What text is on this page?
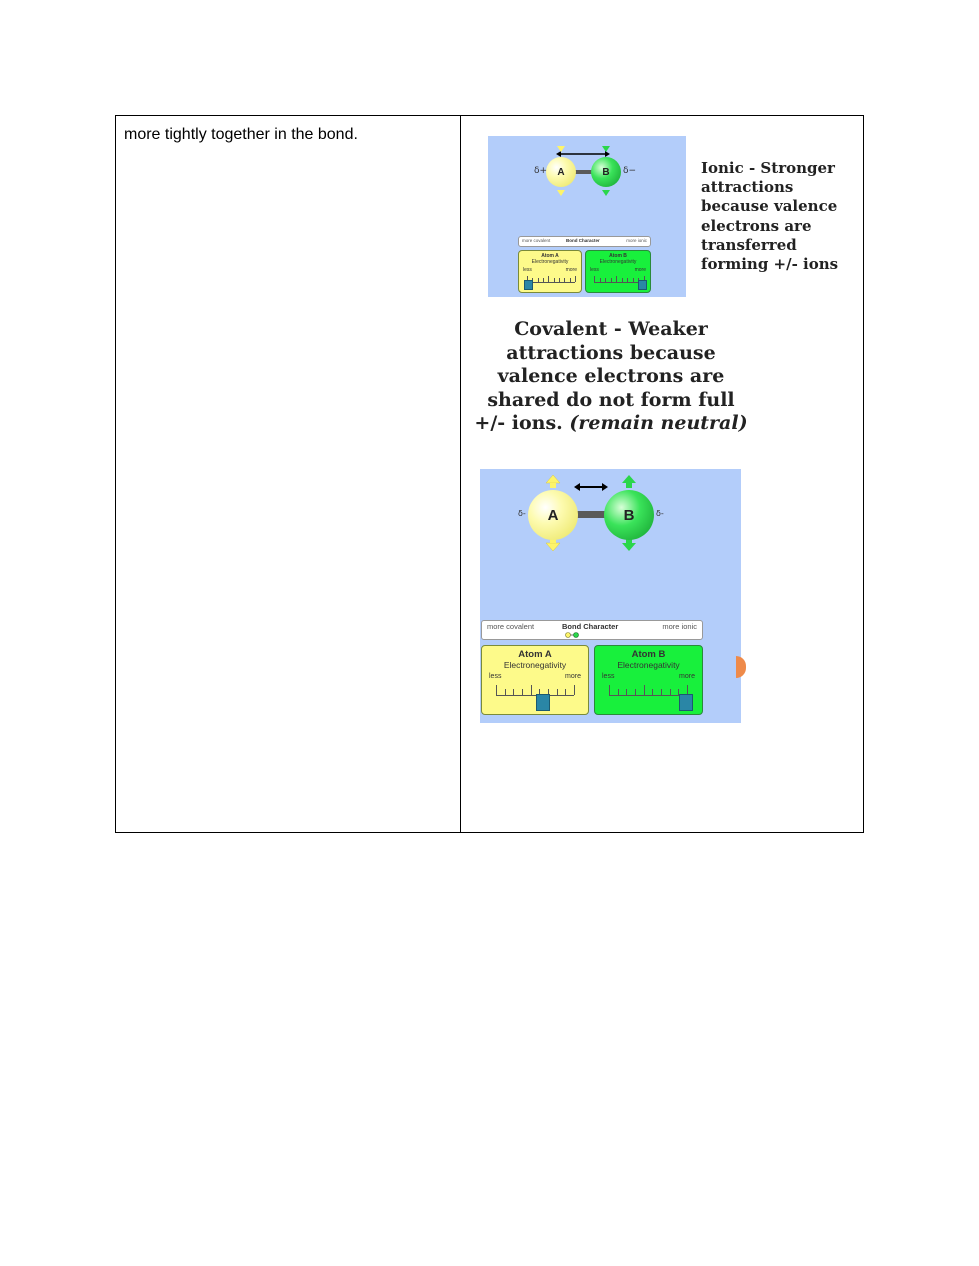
more tightly together in the bond.
A	B
δ+	δ−
more covalent	Bond Character	more ionic
Atom A
Electronegativity
less	more
Atom B
Electronegativity
less	more
Ionic - Stronger attractions because valence electrons are transferred forming +/- ions
Covalent - Weaker attractions because valence electrons are shared do not form full +/- ions. (remain neutral)
A	B
δ-	δ-
more covalent	Bond Character	more ionic
Atom A
Electronegativity
less	more
Atom B
Electronegativity
less	more
